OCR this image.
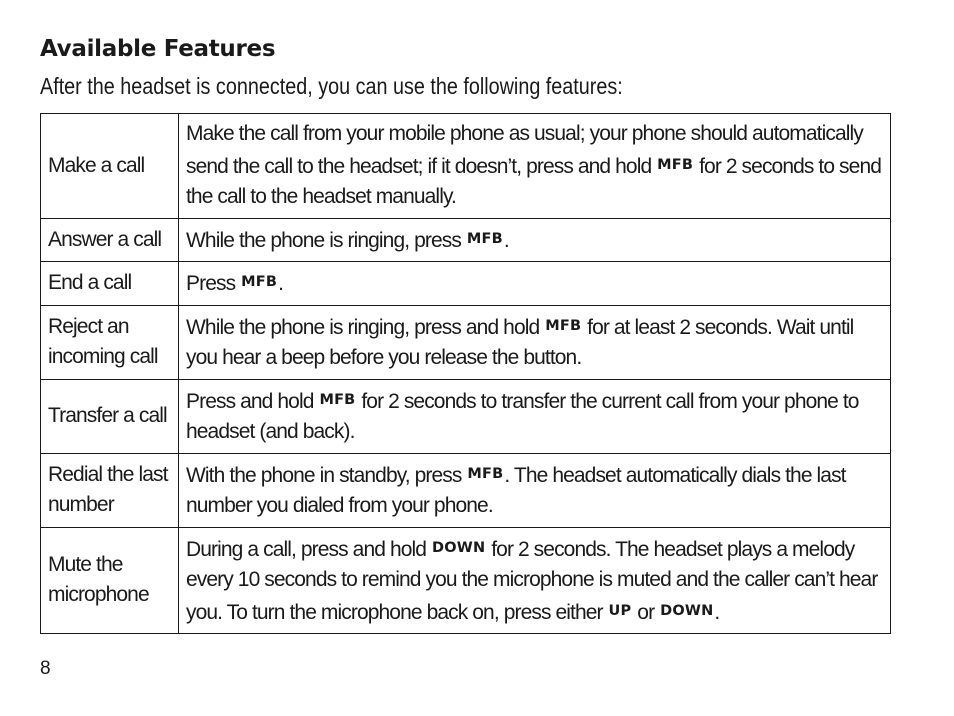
Available Features

After the headset is connected, you can use the following features:

Make a call	Make the call from your mobile phone as usual; your phone should automatically send the call to the headset; if it doesn’t, press and hold MFB for 2 seconds to send the call to the headset manually.
Answer a call	While the phone is ringing, press MFB.
End a call	Press MFB.
Reject an incoming call	While the phone is ringing, press and hold MFB for at least 2 seconds. Wait until you hear a beep before you release the button.
Transfer a call	Press and hold MFB for 2 seconds to transfer the current call from your phone to headset (and back).
Redial the last number	With the phone in standby, press MFB. The headset automatically dials the last number you dialed from your phone.
Mute the microphone	During a call, press and hold DOWN for 2 seconds. The headset plays a melody every 10 seconds to remind you the microphone is muted and the caller can’t hear you. To turn the microphone back on, press either UP or DOWN.
8
